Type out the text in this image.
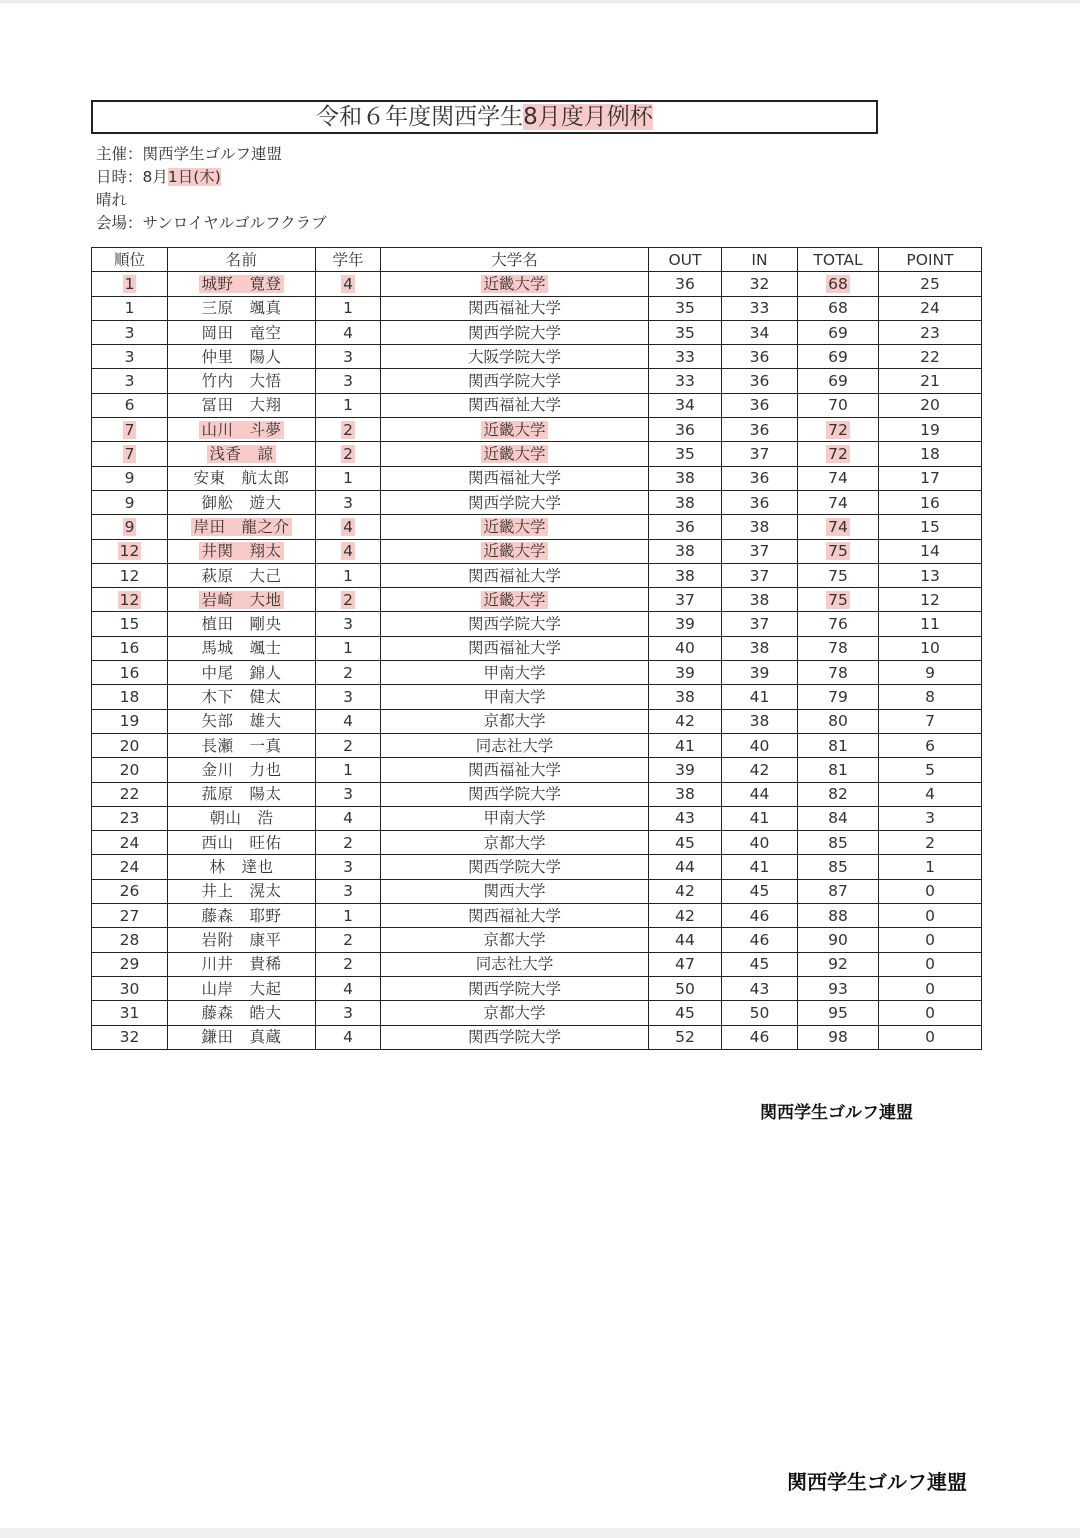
令和６年度関西学生8月度月例杯
主催：関西学生ゴルフ連盟
日時：8月1日(木)
晴れ
会場：サンロイヤルゴルフクラブ
順位	名前	学年	大学名	OUT	IN	TOTAL	POINT
1	城野　寛登	4	近畿大学	36	32	68	25
1	三原　颯真	1	関西福祉大学	35	33	68	24
3	岡田　竜空	4	関西学院大学	35	34	69	23
3	仲里　陽人	3	大阪学院大学	33	36	69	22
3	竹内　大悟	3	関西学院大学	33	36	69	21
6	冨田　大翔	1	関西福祉大学	34	36	70	20
7	山川　斗夢	2	近畿大学	36	36	72	19
7	浅香　諒	2	近畿大学	35	37	72	18
9	安東　航太郎	1	関西福祉大学	38	36	74	17
9	御舩　遊大	3	関西学院大学	38	36	74	16
9	岸田　龍之介	4	近畿大学	36	38	74	15
12	井関　翔太	4	近畿大学	38	37	75	14
12	萩原　大己	1	関西福祉大学	38	37	75	13
12	岩崎　大地	2	近畿大学	37	38	75	12
15	植田　剛央	3	関西学院大学	39	37	76	11
16	馬城　颯士	1	関西福祉大学	40	38	78	10
16	中尾　錦人	2	甲南大学	39	39	78	9
18	木下　健太	3	甲南大学	38	41	79	8
19	矢部　雄大	4	京都大学	42	38	80	7
20	長瀬　一真	2	同志社大学	41	40	81	6
20	金川　力也	1	関西福祉大学	39	42	81	5
22	菰原　陽太	3	関西学院大学	38	44	82	4
23	朝山　浩	4	甲南大学	43	41	84	3
24	西山　旺佑	2	京都大学	45	40	85	2
24	林　達也	3	関西学院大学	44	41	85	1
26	井上　滉太	3	関西大学	42	45	87	0
27	藤森　耶野	1	関西福祉大学	42	46	88	0
28	岩附　康平	2	京都大学	44	46	90	0
29	川井　貴稀	2	同志社大学	47	45	92	0
30	山岸　大起	4	関西学院大学	50	43	93	0
31	藤森　皓大	3	京都大学	45	50	95	0
32	鎌田　真蔵	4	関西学院大学	52	46	98	0
関西学生ゴルフ連盟
関西学生ゴルフ連盟
